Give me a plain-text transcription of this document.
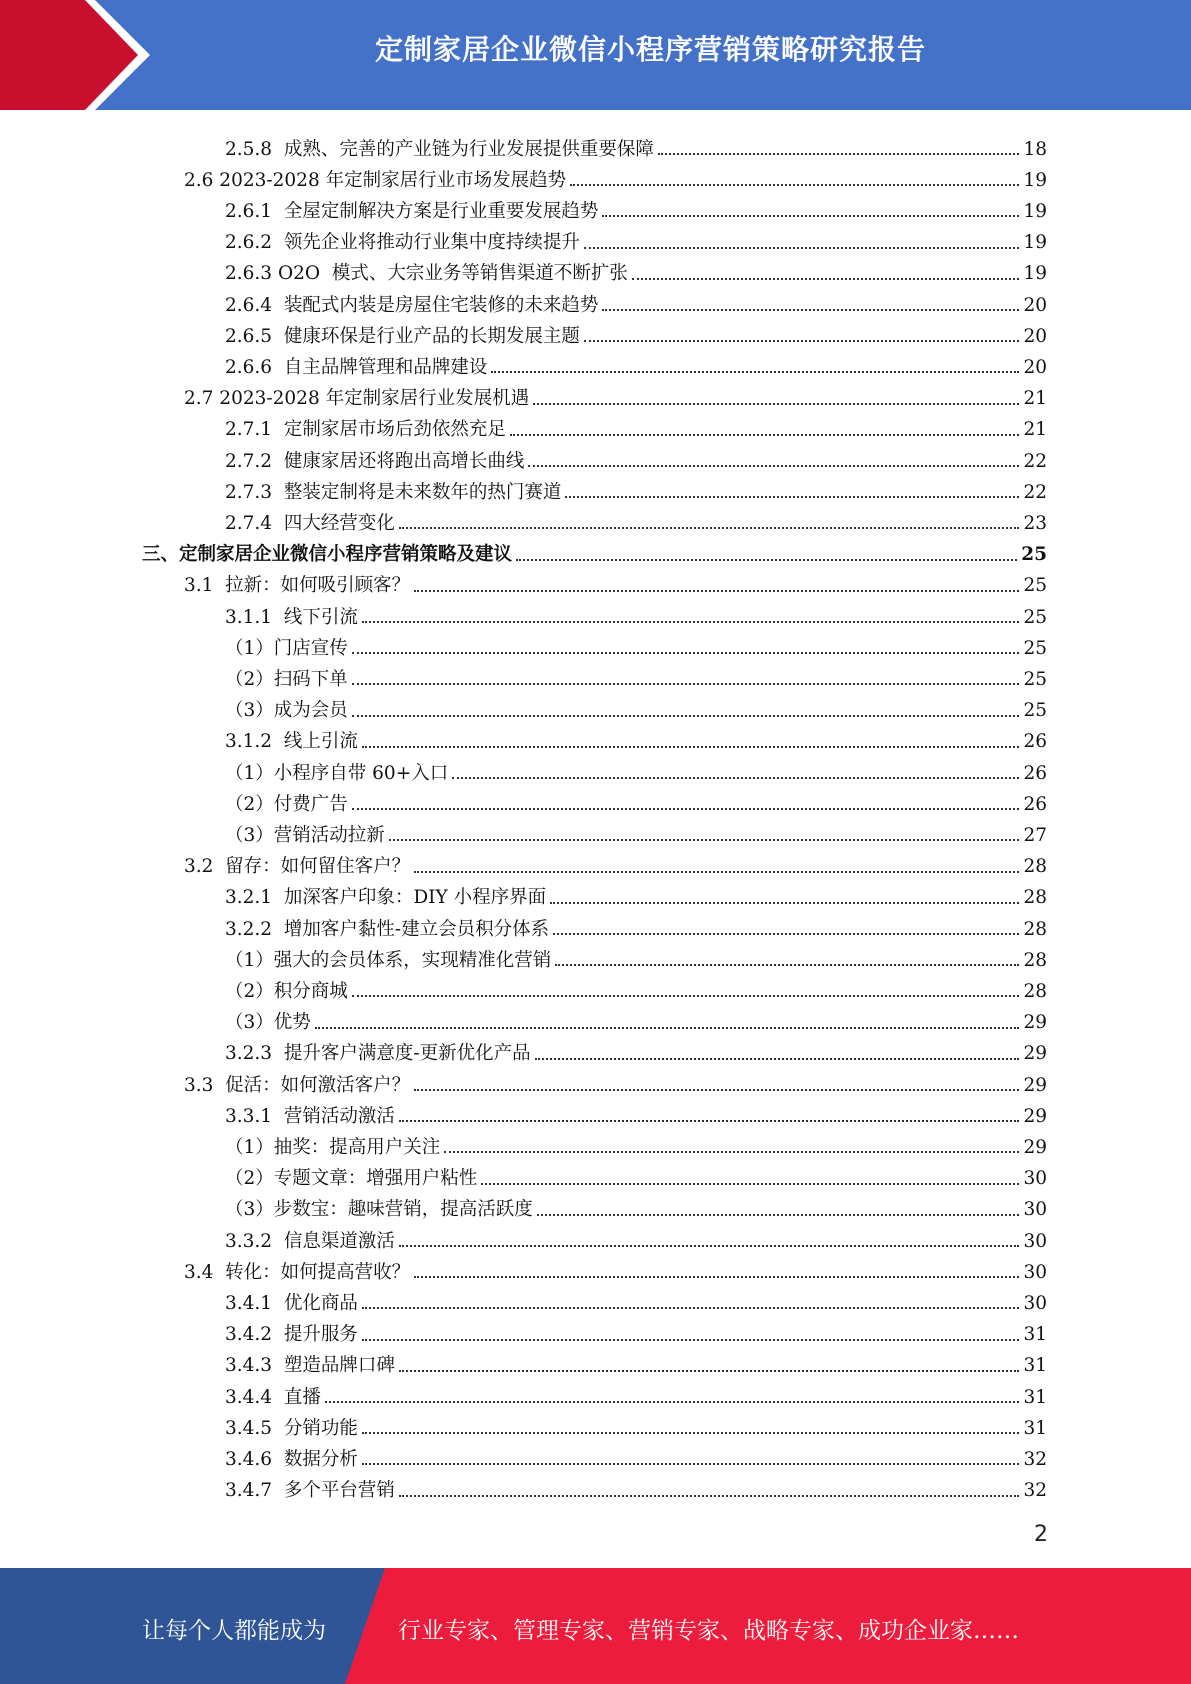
定制家居企业微信小程序营销策略研究报告
2.5.8  成熟、完善的产业链为行业发展提供重要保障	18
2.6 2023-2028 年定制家居行业市场发展趋势	19
2.6.1  全屋定制解决方案是行业重要发展趋势	19
2.6.2  领先企业将推动行业集中度持续提升	19
2.6.3 O2O  模式、大宗业务等销售渠道不断扩张	19
2.6.4  装配式内装是房屋住宅装修的未来趋势	20
2.6.5  健康环保是行业产品的长期发展主题	20
2.6.6  自主品牌管理和品牌建设	20
2.7 2023-2028 年定制家居行业发展机遇	21
2.7.1  定制家居市场后劲依然充足	21
2.7.2  健康家居还将跑出高增长曲线	22
2.7.3  整装定制将是未来数年的热门赛道	22
2.7.4  四大经营变化	23
三、定制家居企业微信小程序营销策略及建议	25
3.1  拉新：如何吸引顾客？	25
3.1.1  线下引流	25
（1）门店宣传	25
（2）扫码下单	25
（3）成为会员	25
3.1.2  线上引流	26
（1）小程序自带 60+入口	26
（2）付费广告	26
（3）营销活动拉新	27
3.2  留存：如何留住客户？	28
3.2.1  加深客户印象：DIY 小程序界面	28
3.2.2  增加客户黏性-建立会员积分体系	28
（1）强大的会员体系，实现精准化营销	28
（2）积分商城	28
（3）优势	29
3.2.3  提升客户满意度-更新优化产品	29
3.3  促活：如何激活客户？	29
3.3.1  营销活动激活	29
（1）抽奖：提高用户关注	29
（2）专题文章：增强用户粘性	30
（3）步数宝：趣味营销，提高活跃度	30
3.3.2  信息渠道激活	30
3.4  转化：如何提高营收？	30
3.4.1  优化商品	30
3.4.2  提升服务	31
3.4.3  塑造品牌口碑	31
3.4.4  直播	31
3.4.5  分销功能	31
3.4.6  数据分析	32
3.4.7  多个平台营销	32
2
让每个人都能成为	行业专家、管理专家、营销专家、战略专家、成功企业家……
